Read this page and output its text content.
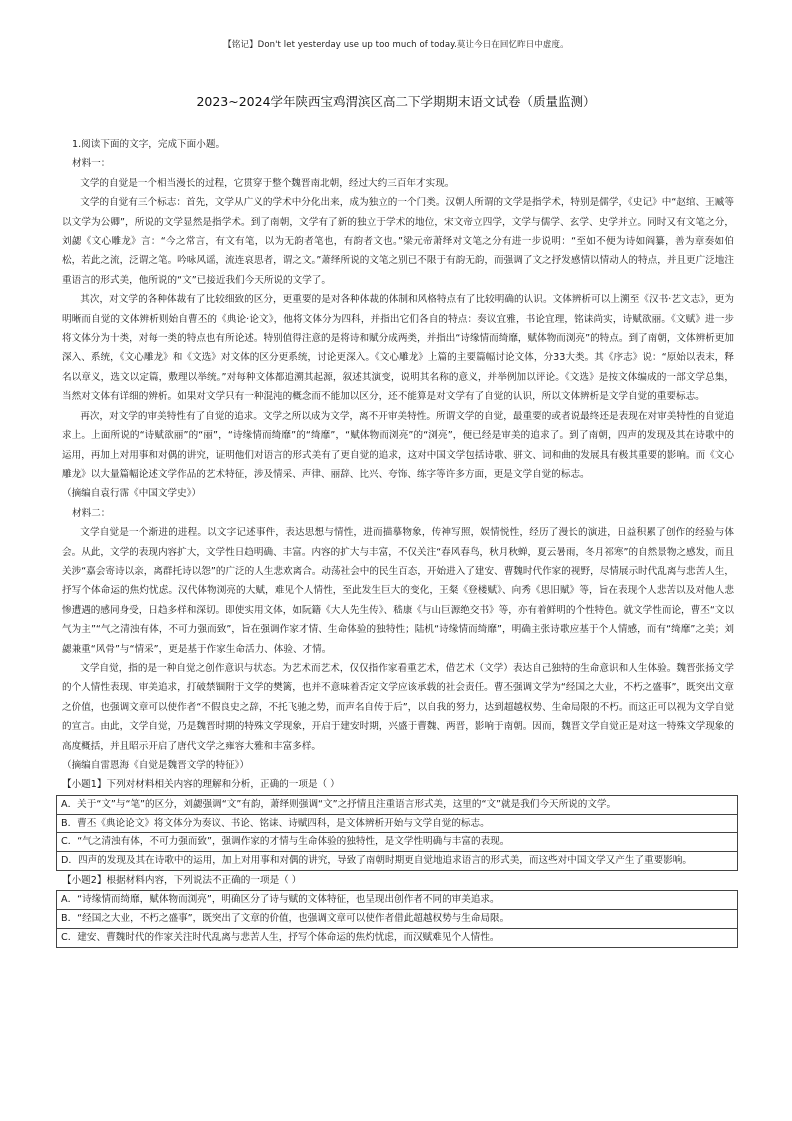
【铭记】Don't let yesterday use up too much of today.莫让今日在回忆昨日中虚度。
2023~2024学年陕西宝鸡渭滨区高二下学期期末语文试卷（质量监测）

1.阅读下面的文字，完成下面小题。

材料一：

文学的自觉是一个相当漫长的过程，它贯穿于整个魏晋南北朝，经过大约三百年才实现。

文学的自觉有三个标志：首先，文学从广义的学术中分化出来，成为独立的一个门类。汉朝人所谓的文学是指学术，特别是儒学，《史记》中“赵绾、王臧等以文学为公卿”，所说的文学显然是指学术。到了南朝，文学有了新的独立于学术的地位，宋文帝立四学，文学与儒学、玄学、史学并立。同时又有文笔之分，刘勰《文心雕龙》言：“今之常言，有文有笔，以为无韵者笔也，有韵者文也。”梁元帝萧绎对文笔之分有进一步说明：“至如不便为诗如阎纂，善为章奏如伯松，若此之流，泛谓之笔。吟咏风谣，流连哀思者，谓之文。”萧绎所说的文笔之别已不限于有韵无韵，而强调了文之抒发感情以情动人的特点，并且更广泛地注重语言的形式美，他所说的“文”已接近我们今天所说的文学了。

其次，对文学的各种体裁有了比较细致的区分，更重要的是对各种体裁的体制和风格特点有了比较明确的认识。文体辨析可以上溯至《汉书·艺文志》，更为明晰而自觉的文体辨析则始自曹丕的《典论·论文》，他将文体分为四科，并指出它们各自的特点：奏议宜雅，书论宜理，铭诔尚实，诗赋欲丽。《文赋》进一步将文体分为十类，对每一类的特点也有所论述。特别值得注意的是将诗和赋分成两类，并指出“诗缘情而绮靡，赋体物而浏亮”的特点。到了南朝，文体辨析更加深入、系统，《文心雕龙》和《文选》对文体的区分更系统，讨论更深入。《文心雕龙》上篇的主要篇幅讨论文体，分33大类。其《序志》说：“原始以表末，释名以章义，选文以定篇，敷理以举统。”对每种文体都追溯其起源，叙述其演变，说明其名称的意义，并举例加以评论。《文选》是按文体编成的一部文学总集，当然对文体有详细的辨析。如果对文学只有一种混沌的概念而不能加以区分，还不能算是对文学有了自觉的认识，所以文体辨析是文学自觉的重要标志。

再次，对文学的审美特性有了自觉的追求。文学之所以成为文学，离不开审美特性。所谓文学的自觉，最重要的或者说最终还是表现在对审美特性的自觉追求上。上面所说的“诗赋欲丽”的“丽”，“诗缘情而绮靡”的“绮靡”，“赋体物而浏亮”的“浏亮”，便已经是审美的追求了。到了南朝，四声的发现及其在诗歌中的运用，再加上对用事和对偶的讲究，证明他们对语言的形式美有了更自觉的追求，这对中国文学包括诗歌、骈文、词和曲的发展具有极其重要的影响。而《文心雕龙》以大量篇幅论述文学作品的艺术特征，涉及情采、声律、丽辞、比兴、夸饰、练字等许多方面，更是文学自觉的标志。

（摘编自袁行霈《中国文学史》）

材料二：

文学自觉是一个渐进的进程。以文字记述事件，表达思想与情性，进而描摹物象，传神写照，娱情悦性，经历了漫长的演进，日益积累了创作的经验与体会。从此，文学的表现内容扩大，文学性日趋明确、丰富。内容的扩大与丰富，不仅关注“春风春鸟，秋月秋蝉，夏云暑雨，冬月祁寒”的自然景物之感发，而且关涉“嘉会寄诗以亲，离群托诗以怨”的广泛的人生悲欢离合。动荡社会中的民生百态，开始进入了建安、曹魏时代作家的视野，尽情展示时代乱离与悲苦人生，抒写个体命运的焦灼忧虑。汉代体物浏亮的大赋，难见个人情性，至此发生巨大的变化，王粲《登楼赋》、向秀《思旧赋》等，旨在表现个人悲苦以及对他人悲惨遭遇的感同身受，日趋多样和深切。即使实用文体，如阮籍《大人先生传》、嵇康《与山巨源绝交书》等，亦有着鲜明的个性特色。就文学性而论，曹丕“文以气为主”“气之清浊有体，不可力强而致”，旨在强调作家才情、生命体验的独特性；陆机“诗缘情而绮靡”，明确主张诗歌应基于个人情感，而有“绮靡”之美；刘勰兼重“风骨”与“情采”，更是基于作家生命活力、体验、才情。

文学自觉，指的是一种自觉之创作意识与状态。为艺术而艺术，仅仅指作家看重艺术，借艺术（文学）表达自己独特的生命意识和人生体验。魏晋张扬文学的个人情性表现、审美追求，打破禁锢附于文学的樊篱，也并不意味着否定文学应该承载的社会责任。曹丕强调文学为“经国之大业，不朽之盛事”，既突出文章之价值，也强调文章可以使作者“不假良史之辞，不托飞驰之势，而声名自传于后”，以自我的努力，达到超越权势、生命局限的不朽。而这正可以视为文学自觉的宣言。由此，文学自觉，乃是魏晋时期的特殊文学现象，开启于建安时期，兴盛于曹魏、两晋，影响于南朝。因而，魏晋文学自觉正是对这一特殊文学现象的高度概括，并且昭示开启了唐代文学之雍容大雅和丰富多样。

（摘编自雷恩海《自觉是魏晋文学的特征》）

【小题1】下列对材料相关内容的理解和分析，正确的一项是（ ）

A．关于“文”与“笔”的区分，刘勰强调“文”有韵，萧绎则强调“文”之抒情且注重语言形式美，这里的“文”就是我们今天所说的文学。
B．曹丕《典论论文》将文体分为奏议、书论、铭诔、诗赋四科，是文体辨析开始与文学自觉的标志。
C．“气之清浊有体，不可力强而致”，强调作家的才情与生命体验的独特性，是文学性明确与丰富的表现。
D．四声的发现及其在诗歌中的运用，加上对用事和对偶的讲究，导致了南朝时期更自觉地追求语言的形式美，而这些对中国文学又产生了重要影响。

【小题2】根据材料内容，下列说法不正确的一项是（ ）

A．“诗缘情而绮靡，赋体物而浏亮”，明确区分了诗与赋的文体特征，也呈现出创作者不同的审美追求。
B．“经国之大业，不朽之盛事”，既突出了文章的价值，也强调文章可以使作者借此超越权势与生命局限。
C．建安、曹魏时代的作家关注时代乱离与悲苦人生，抒写个体命运的焦灼忧虑，而汉赋难见个人情性。
